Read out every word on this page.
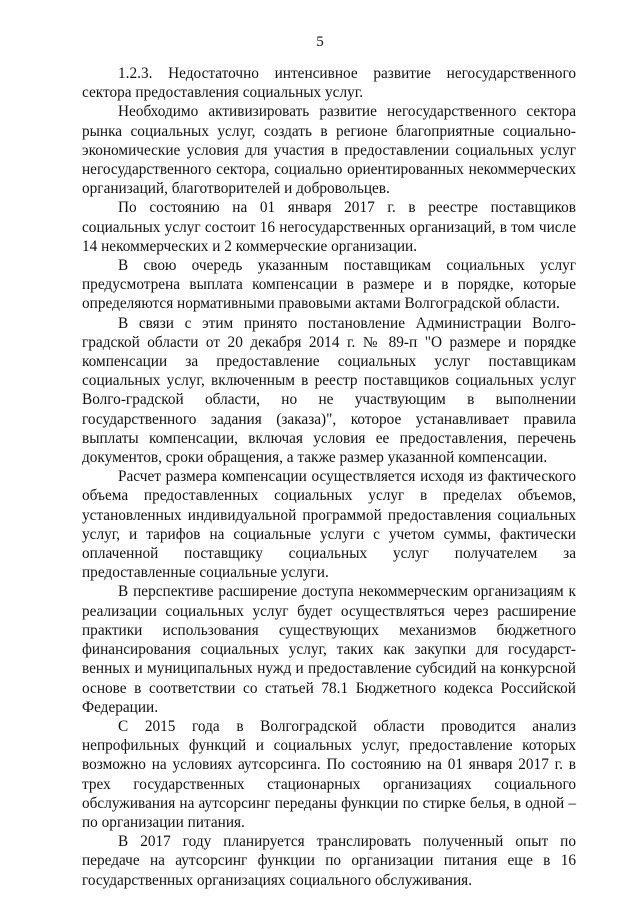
5

1.2.3. Недостаточно интенсивное развитие негосударственного сектора предоставления социальных услуг.

Необходимо активизировать развитие негосударственного сектора рынка социальных услуг, создать в регионе благоприятные социально-экономические условия для участия в предоставлении социальных услуг негосударственного сектора, социально ориентированных некоммерческих организаций, благотворителей и добровольцев.

По состоянию на 01 января 2017 г. в реестре поставщиков социальных услуг состоит 16 негосударственных организаций, в том числе 14 некоммерческих и 2 коммерческие организации.

В свою очередь указанным поставщикам социальных услуг предусмотрена выплата компенсации в размере и в порядке, которые определяются нормативными правовыми актами Волгоградской области.

В связи с этим принято постановление Администрации Волго-градской области от 20 декабря 2014 г. № 89-п "О размере и порядке компенсации за предоставление социальных услуг поставщикам социальных услуг, включенным в реестр поставщиков социальных услуг Волго-градской области, но не участвующим в выполнении государственного задания (заказа)", которое устанавливает правила выплаты компенсации, включая условия ее предоставления, перечень документов, сроки обращения, а также размер указанной компенсации.

Расчет размера компенсации осуществляется исходя из фактического объема предоставленных социальных услуг в пределах объемов, установленных индивидуальной программой предоставления социальных услуг, и тарифов на социальные услуги с учетом суммы, фактически оплаченной поставщику социальных услуг получателем за предоставленные социальные услуги.

В перспективе расширение доступа некоммерческим организациям к реализации социальных услуг будет осуществляться через расширение практики использования существующих механизмов бюджетного финансирования социальных услуг, таких как закупки для государст-венных и муниципальных нужд и предоставление субсидий на конкурсной основе в соответствии со статьей 78.1 Бюджетного кодекса Российской Федерации.

С 2015 года в Волгоградской области проводится анализ непрофильных функций и социальных услуг, предоставление которых возможно на условиях аутсорсинга. По состоянию на 01 января 2017 г. в трех государственных стационарных организациях социального обслуживания на аутсорсинг переданы функции по стирке белья, в одной – по организации питания.

В 2017 году планируется транслировать полученный опыт по передаче на аутсорсинг функции по организации питания еще в 16 государственных организациях социального обслуживания.
